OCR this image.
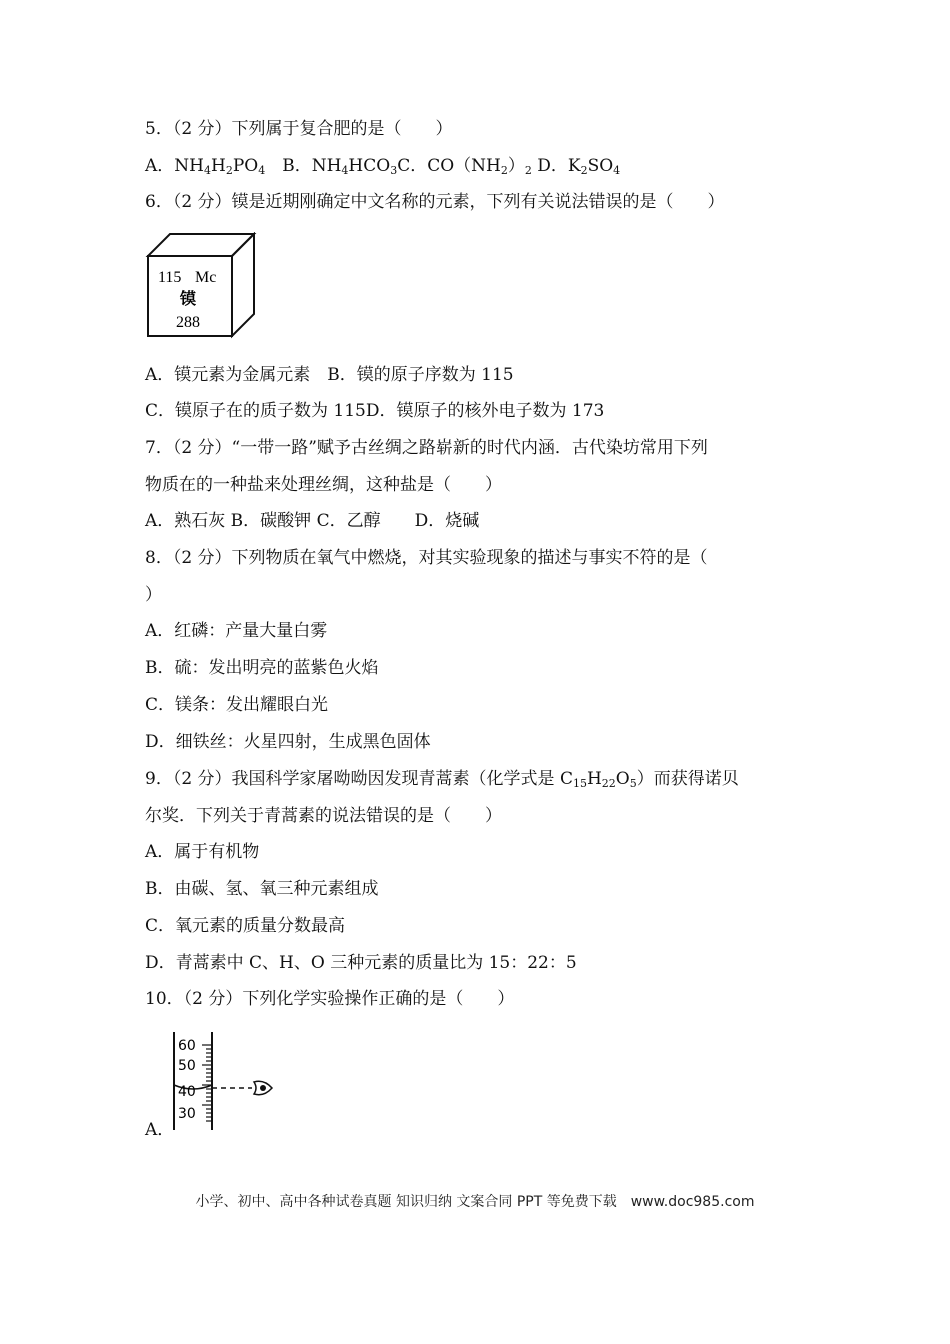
5．（2 分）下列属于复合肥的是（　　）
A．$NH_4H_2PO_4$　B．$NH_4HCO_3C$．$CO(NH_2)_2$ D．$K_2SO_4$
6．（2 分）镆是近期刚确定中文名称的元素，下列有关说法错误的是（　　）
115 Mc
镆
288
A．镆元素为金属元素　B．镆的原子序数为 115
C．镆原子在的质子数为 115D．镆原子的核外电子数为 173
7．（2 分）“一带一路”赋予古丝绸之路崭新的时代内涵．古代染坊常用下列
物质在的一种盐来处理丝绸，这种盐是（　　）
A．熟石灰 B．碳酸钾 C．乙醇　　D．烧碱
8．（2 分）下列物质在氧气中燃烧，对其实验现象的描述与事实不符的是（
）
A．红磷：产量大量白雾
B．硫：发出明亮的蓝紫色火焰
C．镁条：发出耀眼白光
D．细铁丝：火星四射，生成黑色固体
9．（2 分）我国科学家屠呦呦因发现青蒿素（化学式是 $C_{15}H_{22}O_5$）而获得诺贝
尔奖．下列关于青蒿素的说法错误的是（　　）
A．属于有机物
B．由碳、氢、氧三种元素组成
C．氧元素的质量分数最高
D．青蒿素中 C、H、O 三种元素的质量比为 15：22：5
10．（2 分）下列化学实验操作正确的是（　　）
A．
60
50
40
30
小学、初中、高中各种试卷真题 知识归纳 文案合同 PPT 等免费下载　www.doc985.com
